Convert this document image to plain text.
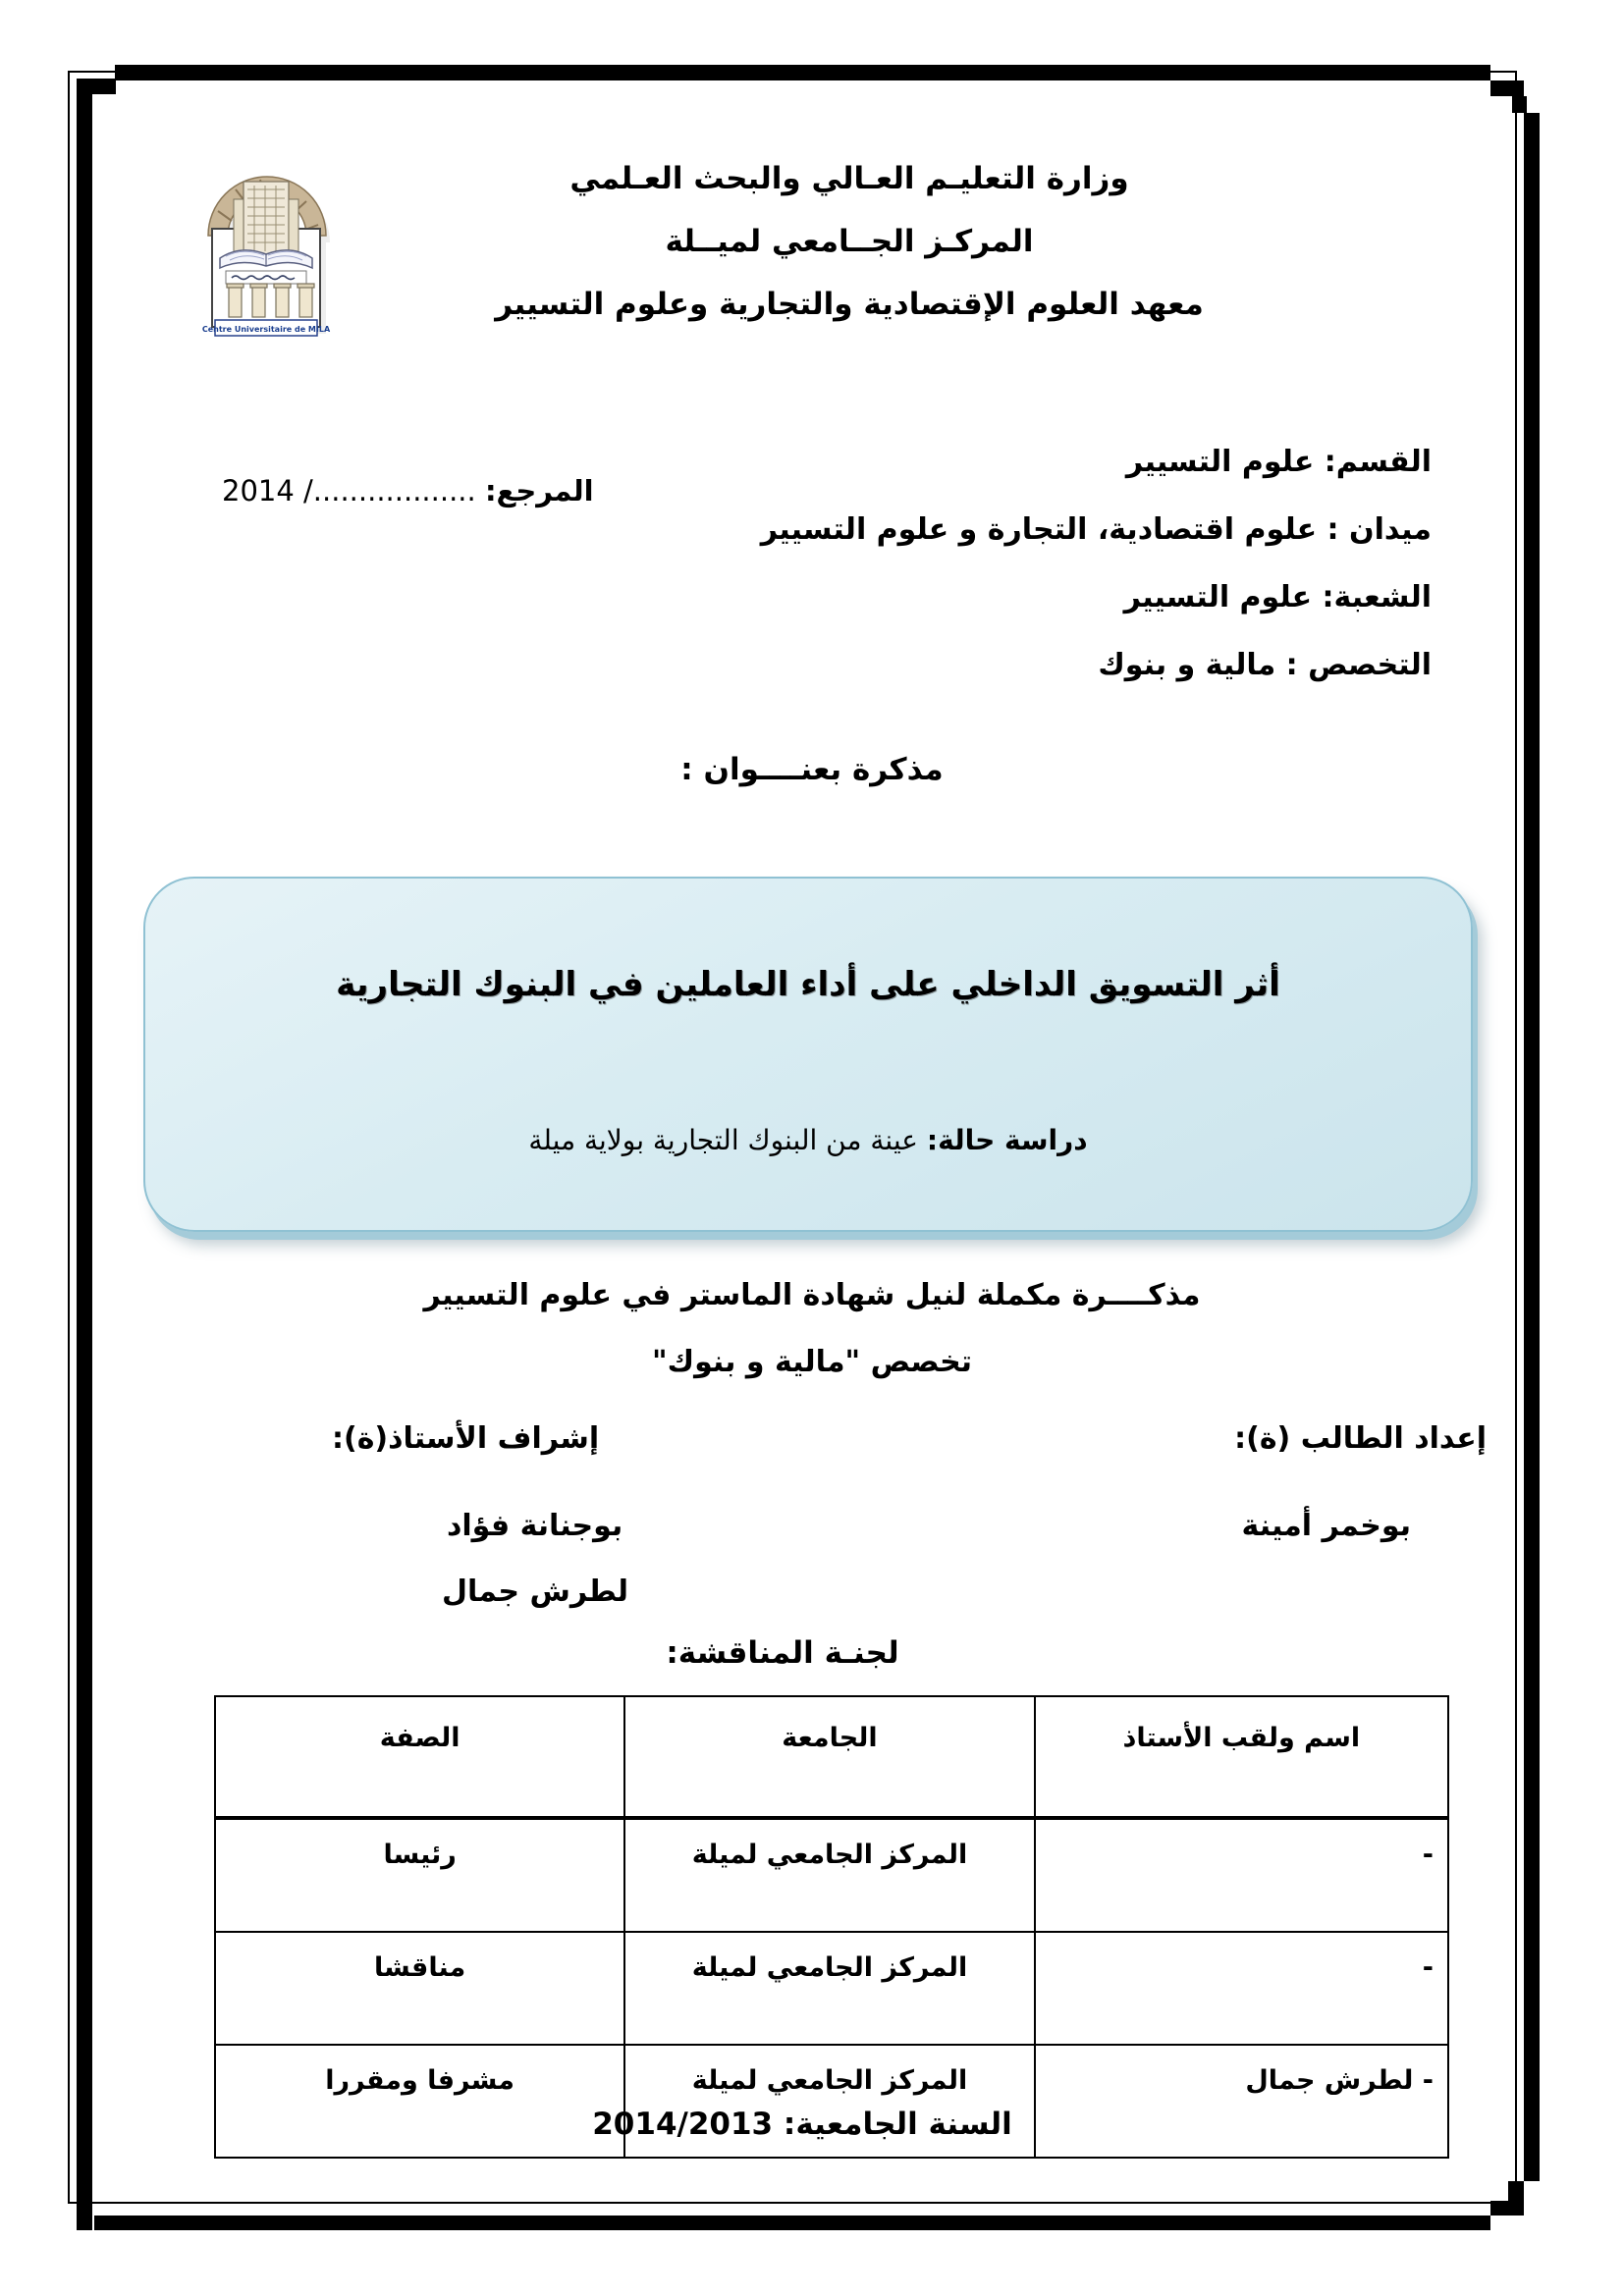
Centre Universitaire de MILA
وزارة التعليـم العـالي والبحث العـلمي
المركـز الجــامعي لميــلة
معهد العلوم الإقتصادية والتجارية وعلوم التسيير
القسم: علوم التسيير
ميدان : علوم اقتصادية، التجارة و علوم التسيير
الشعبة: علوم التسيير
التخصص : مالية و بنوك
المرجع: ................../ 2014
مذكرة بعنــــوان :
أثر التسويق الداخلي على أداء العاملين في البنوك التجارية
دراسة حالة: عينة من البنوك التجارية بولاية ميلة
مذكــــرة مكملة لنيل شهادة الماستر في علوم التسيير
تخصص "مالية و بنوك"
إعداد الطالب (ة):
إشراف الأستاذ(ة):
بوخمر أمينة
بوجنانة فؤاد
لطرش جمال
لجنـة المناقشة:
اسم ولقب الأستاذ	الجامعة	الصفة
-	المركز الجامعي لميلة	رئيسا
-	المركز الجامعي لميلة	مناقشا
- لطرش جمال	المركز الجامعي لميلة	مشرفا ومقررا
السنة الجامعية: 2014/2013
